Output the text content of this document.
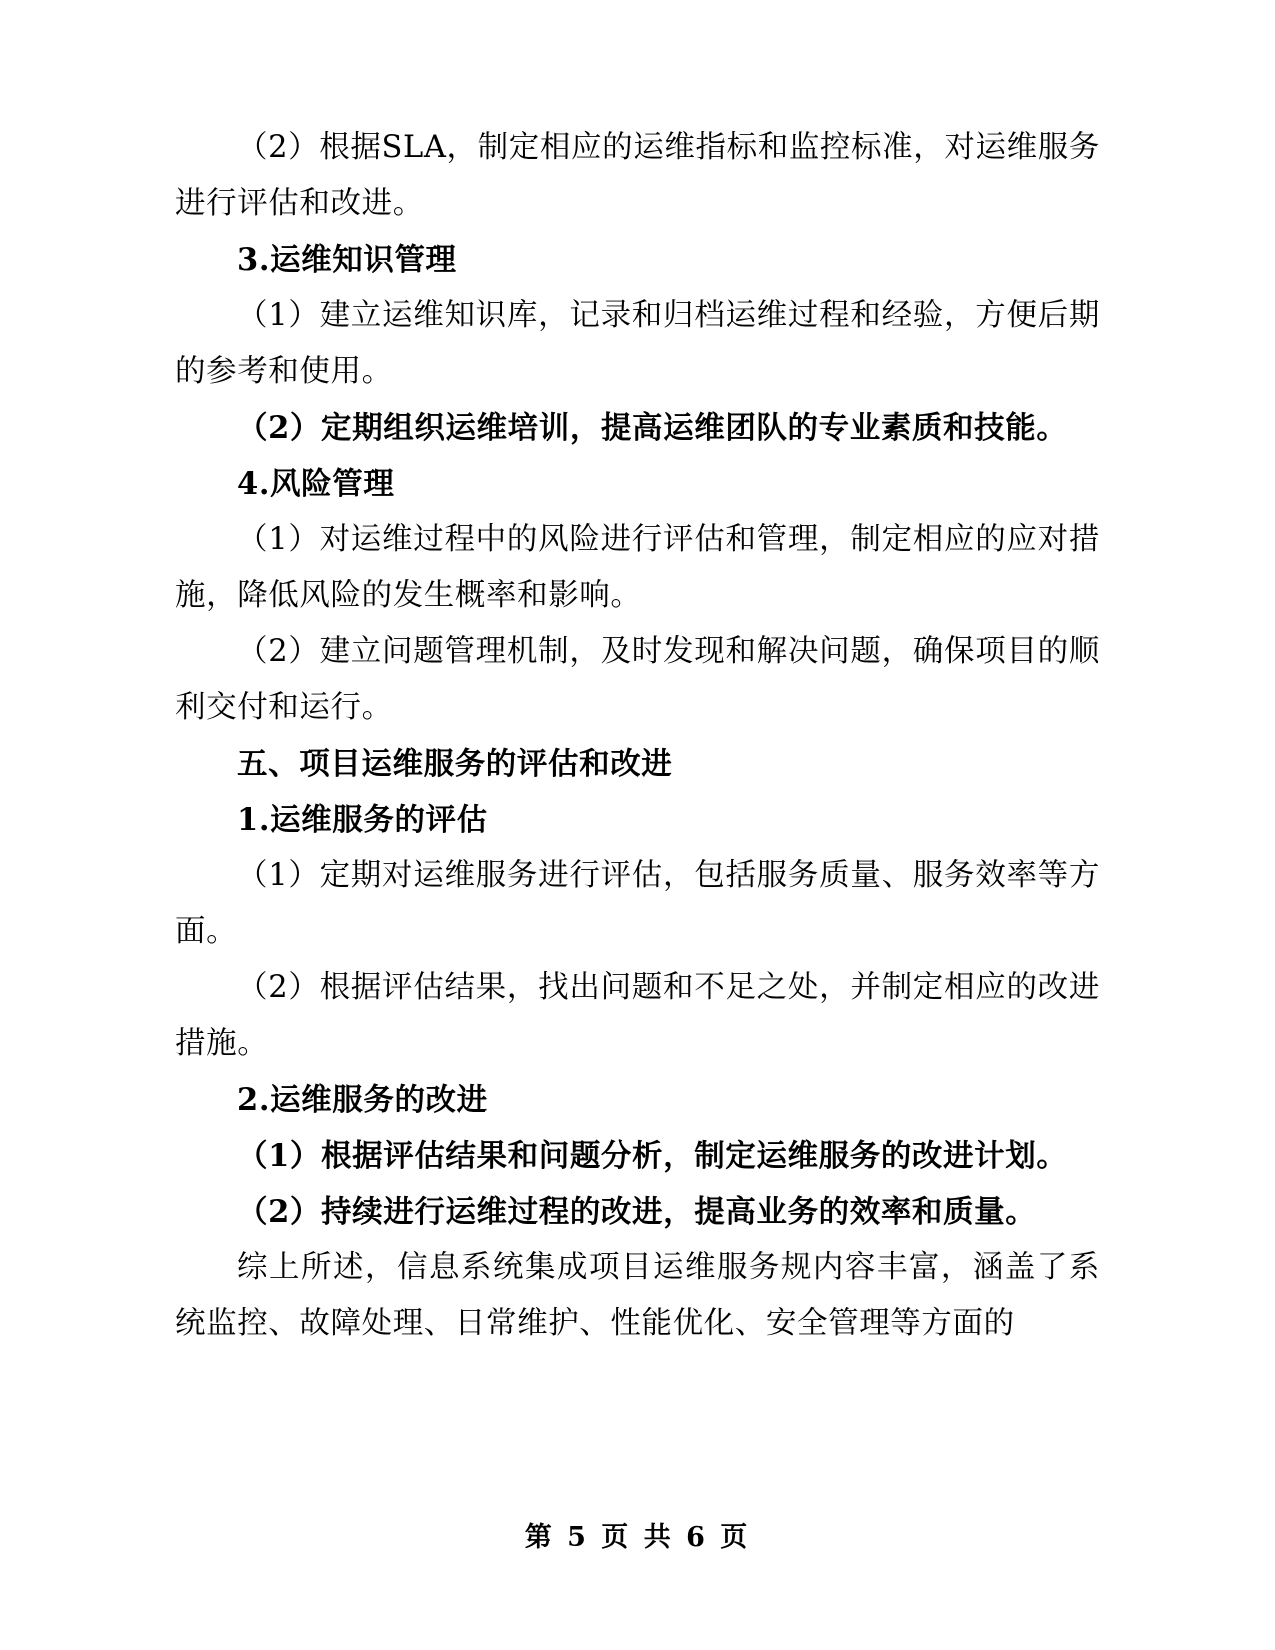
（2）根据SLA，制定相应的运维指标和监控标准，对运维服务进行评估和改进。

3.运维知识管理

（1）建立运维知识库，记录和归档运维过程和经验，方便后期的参考和使用。

（2）定期组织运维培训，提高运维团队的专业素质和技能。

4.风险管理

（1）对运维过程中的风险进行评估和管理，制定相应的应对措施，降低风险的发生概率和影响。

（2）建立问题管理机制，及时发现和解决问题，确保项目的顺利交付和运行。

五、项目运维服务的评估和改进

1.运维服务的评估

（1）定期对运维服务进行评估，包括服务质量、服务效率等方面。

（2）根据评估结果，找出问题和不足之处，并制定相应的改进措施。

2.运维服务的改进

（1）根据评估结果和问题分析，制定运维服务的改进计划。

（2）持续进行运维过程的改进，提高业务的效率和质量。

综上所述，信息系统集成项目运维服务规内容丰富，涵盖了系统监控、故障处理、日常维护、性能优化、安全管理等方面的

第 5 页 共 6 页
